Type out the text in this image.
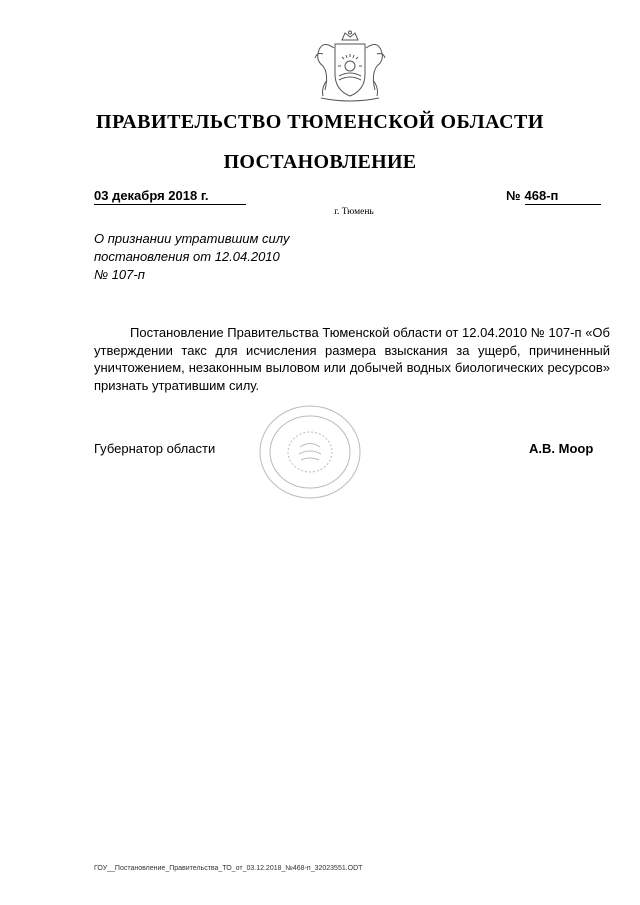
ПРАВИТЕЛЬСТВО ТЮМЕНСКОЙ ОБЛАСТИ
ПОСТАНОВЛЕНИЕ
03 декабря 2018 г.	№ 468-п
г. Тюмень
О признании утратившим силу
постановления от 12.04.2010
№ 107-п
Постановление Правительства Тюменской области от 12.04.2010 № 107-п «Об утверждении такс для исчисления размера взыскания за ущерб, причиненный уничтожением, незаконным выловом или добычей водных биологических ресурсов» признать утратившим силу.
Губернатор области	А.В. Моор
ГОУ__Постановление_Правительства_ТО_от_03.12.2018_№468-п_32023551.ODT
